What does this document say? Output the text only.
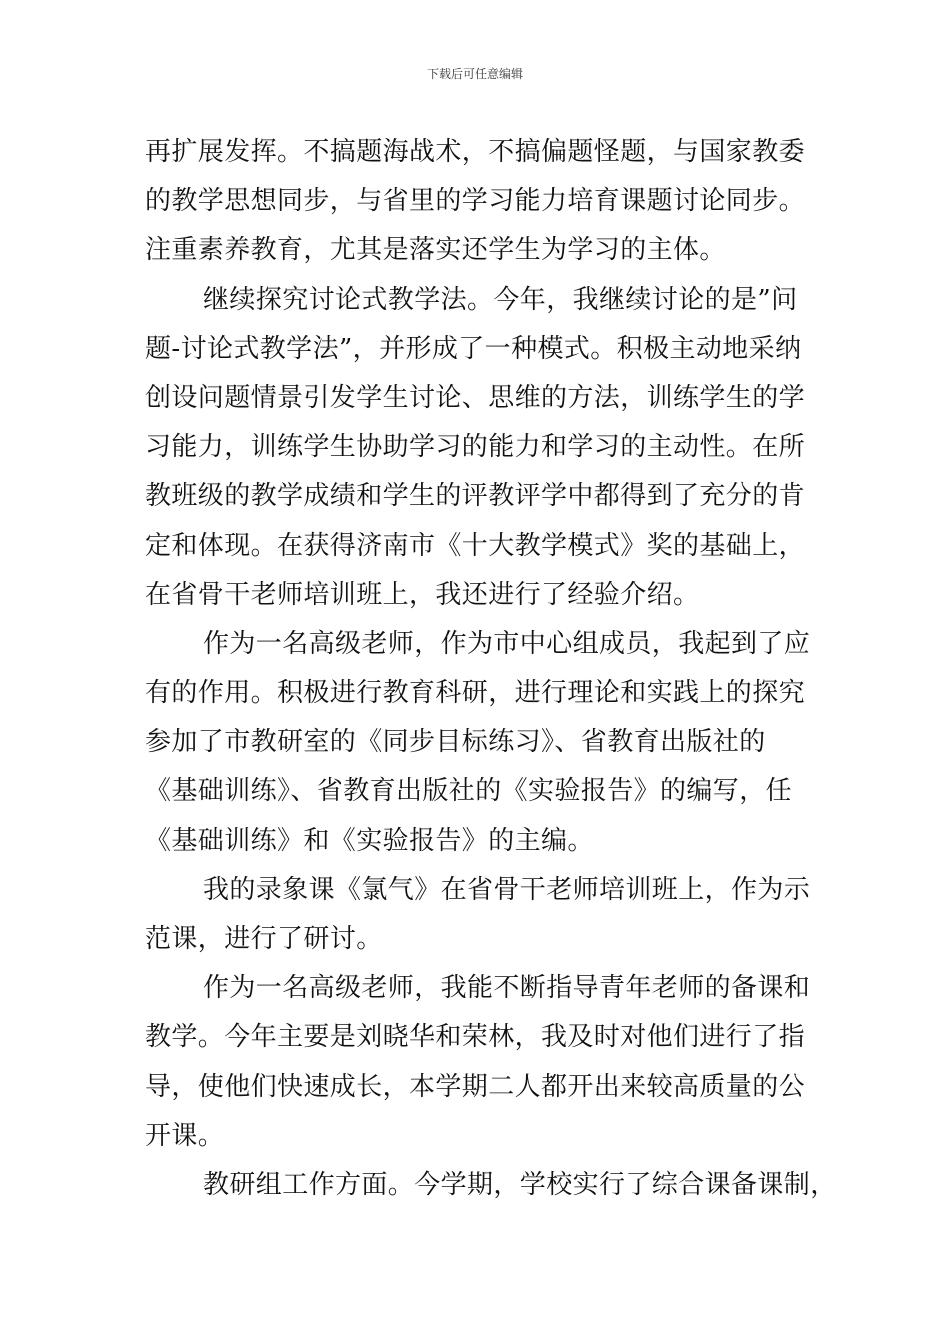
下载后可任意编辑
再扩展发挥。不搞题海战术，不搞偏题怪题，与国家教委
的教学思想同步，与省里的学习能力培育课题讨论同步。
注重素养教育，尤其是落实还学生为学习的主体。
继续探究讨论式教学法。今年，我继续讨论的是”问
题-讨论式教学法”，并形成了一种模式。积极主动地采纳
创设问题情景引发学生讨论、思维的方法，训练学生的学
习能力，训练学生协助学习的能力和学习的主动性。在所
教班级的教学成绩和学生的评教评学中都得到了充分的肯
定和体现。在获得济南市《十大教学模式》奖的基础上，
在省骨干老师培训班上，我还进行了经验介绍。
作为一名高级老师，作为市中心组成员，我起到了应
有的作用。积极进行教育科研，进行理论和实践上的探究
参加了市教研室的《同步目标练习》、省教育出版社的
《基础训练》、省教育出版社的《实验报告》的编写，任
《基础训练》和《实验报告》的主编。
我的录象课《氯气》在省骨干老师培训班上，作为示
范课，进行了研讨。
作为一名高级老师，我能不断指导青年老师的备课和
教学。今年主要是刘晓华和荣林，我及时对他们进行了指
导，使他们快速成长，本学期二人都开出来较高质量的公
开课。
教研组工作方面。今学期，学校实行了综合课备课制，
